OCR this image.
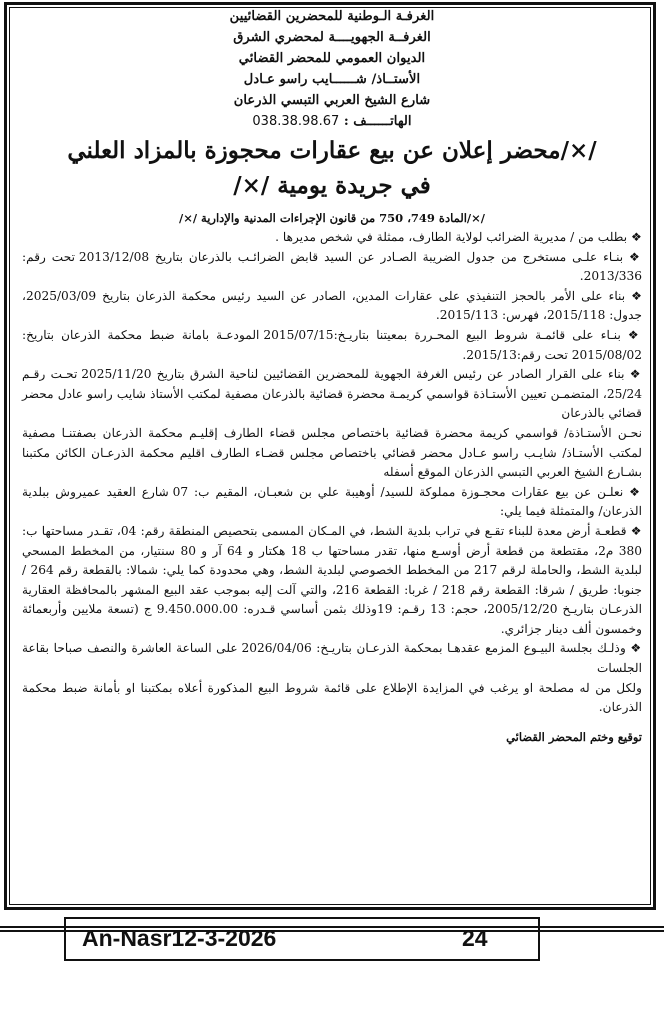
الغرفـة الـوطنية للمحضرين القضائيين
الغرفــة الجهويــــة لمحضري الشرق
الديوان العمومي للمحضر القضائي
الأستــاذ/ شــــــايب راسو عـادل
شارع الشيخ العربي التبسي الذرعان
الهاتــــــف : 038.38.98.67
/×/محضر إعلان عن بيع عقارات محجوزة بالمزاد العلني
في جريدة يومية /×/
/×/المادة 749، 750 من قانون الإجراءات المدنية والإدارية /×/
❖ بطلب من / مديرية الضرائب لولاية الطارف، ممثلة في شخص مديرها .
❖ بنـاء علـى مستخرج من جدول الضريبة الصـادر عن السيد قابض الضرائـب بالذرعان بتاريخ 2013/12/08 تحت رقم: 2013/336.
❖ بناء على الأمر بالحجز التنفيذي على عقارات المدين، الصادر عن السيد رئيس محكمة الذرعان بتاريخ 2025/03/09، جدول: 2015/118، فهرس: 2015/113.
❖ بنـاء على قائمـة شروط البيع المحـررة بمعيتنا بتاريـخ:2015/07/15 المودعـة بامانة ضبط محكمة الذرعان بتاريخ: 2015/08/02 تحت رقم:2015/13.
❖ بناء على القرار الصادر عن رئيس الغرفة الجهوية للمحضرين القضائيين لناحية الشرق بتاريخ 2025/11/20 تحـت رقـم 25/24، المتضمـن تعيين الأستـاذة قواسمي كريمـة محضرة قضائية بالذرعان مصفية لمكتب الأستاذ شايب راسو عادل محضر قضائي بالذرعان
نحـن الأستـاذة/ قواسمي كريمة محضرة قضائية باختصاص مجلس قضاء الطارف إقليـم محكمة الذرعان بصفتنـا مصفية لمكتب الأستـاذ/ شايـب راسو عـادل محضر قضائي باختصاص مجلس قضـاء الطارف اقليم محكمة الذرعـان الكائن مكتبنا بشـارع الشيخ العربي التبسي الذرعان الموقع أسفله
❖ نعلـن عن بيع عقارات محجـوزة مملوكة للسيد/ أوهيبة علي بن شعبـان، المقيم ب: 07 شارع العقيد عميروش ببلدية الذرعان/ والمتمثلة فيما يلي:
❖ قطعـة أرض معدة للبناء تقـع في تراب بلدية الشط، في المـكان المسمى بتحصيص المنطقة رقم: 04، تقـدر مساحتها ب: 380 م2، مقتطعة من قطعة أرض أوسـع منها، تقدر مساحتها ب 18 هكتار و 64 آر و 80 سنتيار، من المخطط المسحي لبلدية الشط، والحاملة لرقم 217 من المخطط الخصوصي لبلدية الشط، وهي محدودة كما يلي: شمالا: بالقطعة رقم 264 / جنوبا: طريق / شرقا: القطعة رقم 218 / غربا: القطعة 216، والتي آلت إليه بموجب عقد البيع المشهر بالمحافظة العقارية الذرعـان بتاريـخ 2005/12/20، حجم: 13 رقـم: 19وذلك بثمن أساسي قـدره: 9.450.000.00 ج (تسعة ملايين وأربعمائة وخمسون ألف دينار جزائري.
❖ وذلـك بجلسة البيـوع المزمع عقدهـا بمحكمة الذرعـان بتاريـخ: 2026/04/06 على الساعة العاشرة والنصف صباحا بقاعة الجلسات
ولكل من له مصلحة او يرغب في المزايدة الإطلاع على قائمة شروط البيع المذكورة أعلاه بمكتبنا او بأمانة ضبط محكمة الذرعان.
توقيع وختم المحضر القضائي
An-Nasr12-3-2026	24
